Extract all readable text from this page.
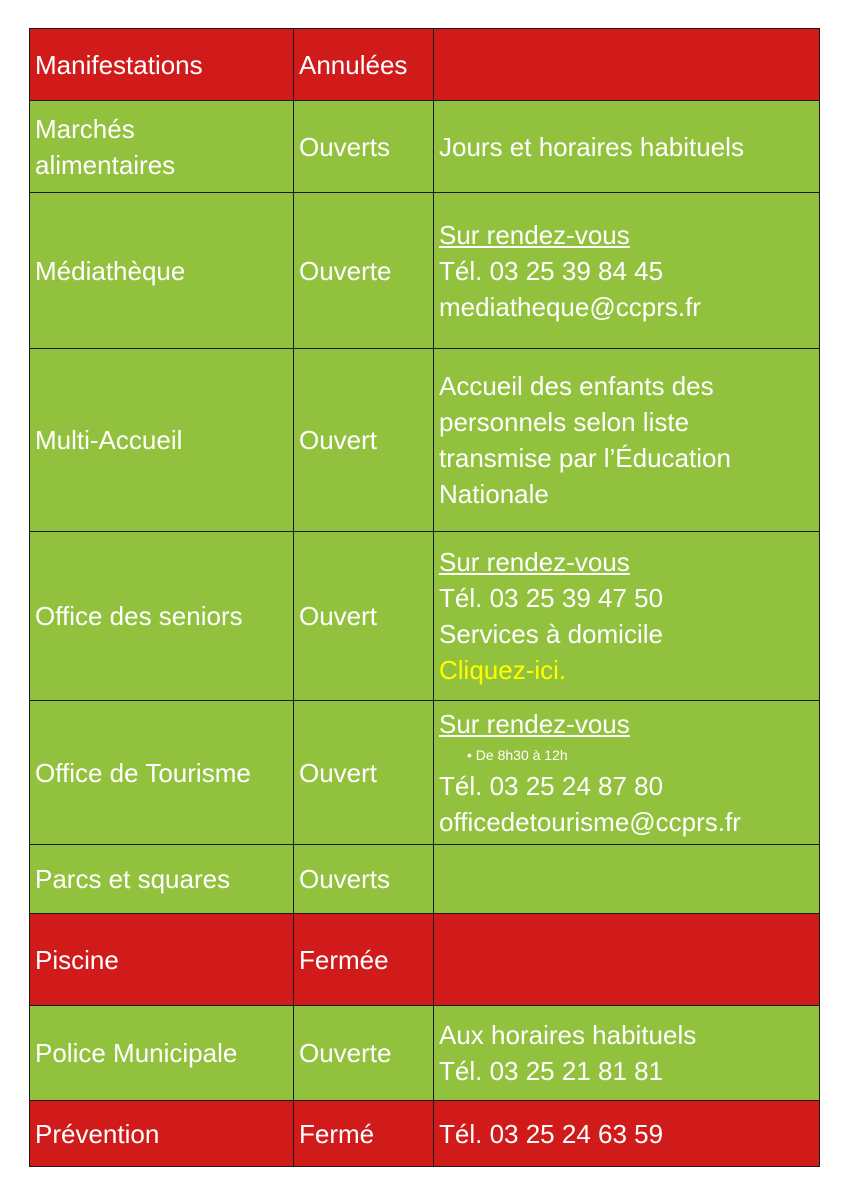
Manifestations	Annulées	

Marchés
alimentaires	Ouverts	Jours et horaires habituels

Médiathèque	Ouverte	Sur rendez-vous
Tél. 03 25 39 84 45
mediatheque@ccprs.fr

Multi-Accueil	Ouvert	Accueil des enfants des
personnels selon liste
transmise par l’Éducation
Nationale

Office des seniors	Ouvert	Sur rendez-vous
Tél. 03 25 39 47 50
Services à domicile
Cliquez-ici.

Office de Tourisme	Ouvert	Sur rendez-vous
• De 8h30 à 12h
Tél. 03 25 24 87 80
officedetourisme@ccprs.fr

Parcs et squares	Ouverts	
Piscine	Fermée	
Police Municipale	Ouverte	Aux horaires habituels
Tél. 03 25 21 81 81

Prévention	Fermé	Tél. 03 25 24 63 59
